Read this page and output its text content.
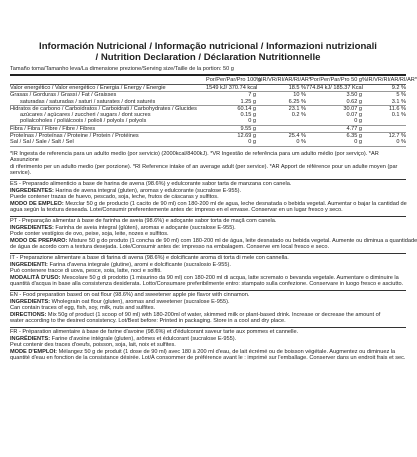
Información Nutricional / Informação nutricional / Informazioni nutrizionali
/ Nutrition Declaration / Déclaration Nutritionnelle
Tamaño toma/Tamanho leva/La dimensione prezione/Serving size/Taille de la portion: 50 g
	Por/Per/Par/Pro 100 g	%IR/VR/RI/AR/RI/AR*	Por/Per/Par/Pro 50 g	%IR/VR/RI/AR/RI/AR*
Valor energético / Valor energético / Energia / Energy / Énergie	1549 kJ/ 370.74 kcal	18.5 %	774.84 kJ/ 185.37 Kcal	9.2 %
Grasas / Gorduras / Grassi / Fat / Graisses	7 g	10 %	3.50 g	5 %
saturadas / saturadas / saturi / saturates / dont saturés	1.25 g	6.25 %	0.62 g	3.1 %
Hidratos de carbono / Carboidratos / Carboidrati / Carbohydrates / Glucides	60.14 g	23.1 %	30.07 g	11.6 %
azúcares / açúcares / zuccheri / sugars / dont sucres	0.15 g	0.2 %	0.07 g	0.1 %
polialcoholes / poliálcoois / polioli / polyols / polyols	0 g		0 g	
Fibra / Fibra / Fibre / Fibre / Fibres	9.55 g		4.77 g	
Proteínas / Proteínas / Proteine / Protein / Protéines	12.69 g	25.4 %	6.35 g	12.7 %
Sal / Sal / Sale / Salt / Sel	0 g	0 %	0 g	0 %
*IR Ingesta de referencia para un adulto medio (por servicio) (2000kcal/8400kJ). *VR Ingestão de referência para um adulto médio (por serviço). *AR Assunzione
di riferimento per un adulto medio (per porzione). *RI Reference intake of an average adult (per service). *AR Apport de référence pour un adulte moyen (par service).
ES - Preparado alimenticio a base de harina de avena (98.6%) y edulcorante sabor tarta de manzana con canela.
INGREDIENTES: Harina de avena integral (gluten), aromas y edulcorante (sucralose E-955).
Puede contener trazas de huevo, pescado, soja, leche, frutos de cáscaras y sulfitos.
MODO DE EMPLEO: Mezclar 50 g de producto (1 cacito de 90 ml) con 180-200 ml de agua, leche desnatada o bebida vegetal. Aumentar o bajar la cantidad de
agua según la textura deseada. Lote/Consumir preferentemente antes de: impreso en el envase. Conservar en un lugar fresco y seco.
PT - Preparação alimentar à base de farinha de aveia (98.6%) e adoçante sabor torta de maçã com canela.
INGREDIENTES: Farinha de aveia integral (glúten), aromas e adoçante (sucralose E-955).
Pode conter vestígios de ovo, peixe, soja, leite, nozes e sulfitos.
MODO DE PREPARO: Misture 50 g do produto (1 concha de 90 ml) com 180-200 ml de água, leite desnatado ou bebida vegetal. Aumente ou diminua a quantidade
de água de acordo com a textura desejada. Lote/Consumir antes de: impresso na embalagem. Conserve em local fresco e seco.
IT - Preparazione alimentare a base di farina di avena (98.6%) e dolcificante aroma di torta di mele con cannella.
INGREDIENTI: Farina d'avena integrale (glutine), aromi e dolcificante (sucralosio E-955).
Può contenere tracce di uova, pesce, soia, latte, noci e solfiti.
MODALITÀ D'USO: Mescolare 50 g di prodotto (1 misurino da 90 ml) con 180-200 ml di acqua, latte scremato o bevanda vegetale. Aumentare o diminuire la
quantità d'acqua in base alla consistenza desiderata. Lotto/Consumare preferibilmente entro: stampato sulla confezione. Conservare in luogo fresco e asciutto.
EN - Food preparation based on oat flour (98.6%) and sweetener apple pie flavor with cinnamon.
INGREDIENTS: Wholegrain oat flour (gluten), aromas and sweetener (sucralose E-955).
Can contain traces of egg, fish, soy, milk, nuts and sulfites.
DIRECTIONS: Mix 50g of product (1 scoop of 90 ml) with 180-200ml of water, skimmed milk or plant-based drink. Increase or decrease the amount of
water according to the desired consistency. Lot/Best before: Printed in packaging. Store in a cool and dry place.
FR - Préparation alimentaire à base de farine d'avoine (98.6%) et d'édulcorant saveur tarte aux pommes et cannelle.
INGRÉDIENTS: Farine d'avoine intégrale (gluten), arômes et édulcorant (sucralose E-955).
Peut contenir des traces d'oeufs, poisson, soja, lait, noix et sulfites.
MODE D'EMPLOI: Mélangez 50 g de produit (1 dose de 90 ml) avec 180 à 200 ml d'eau, de lait écrémé ou de boisson végétale. Augmentez ou diminuez la
quantité d'eau en fonction de la consistance désirée. Lot/À consommer de préférence avant le : imprimé sur l'emballage. Conserver dans un endroit frais et sec.
